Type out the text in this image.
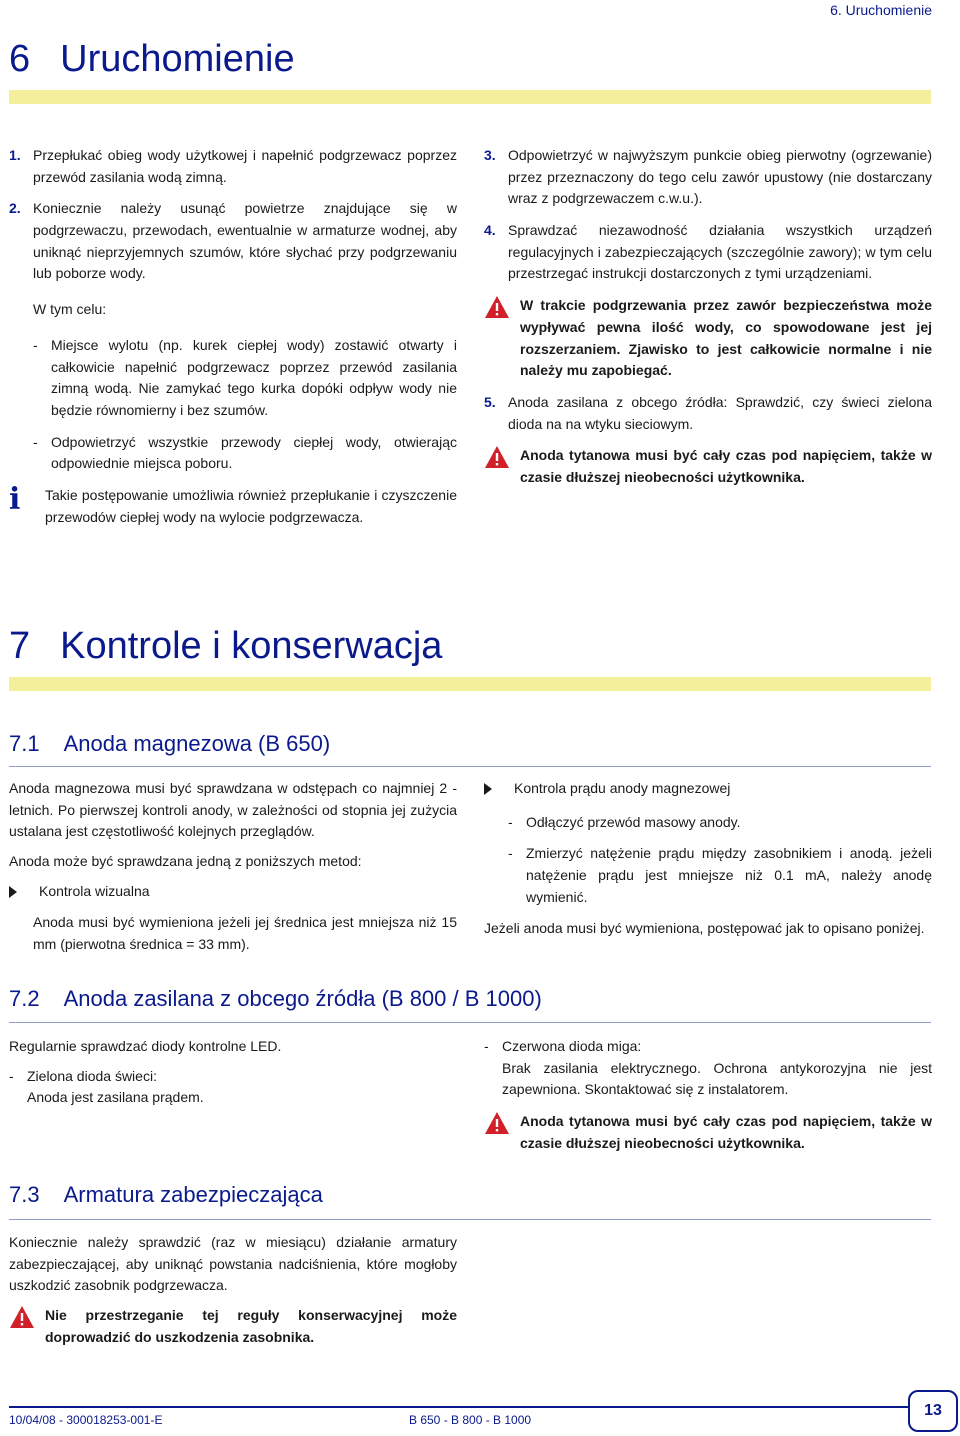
6. Uruchomienie
6 Uruchomienie
1. Przepłukać obieg wody użytkowej i napełnić podgrzewacz poprzez przewód zasilania wodą zimną.
2. Koniecznie należy usunąć powietrze znajdujące się w podgrzewaczu, przewodach, ewentualnie w armaturze wodnej, aby uniknąć nieprzyjemnych szumów, które słychać przy podgrzewaniu lub poborze wody.

W tym celu:

- Miejsce wylotu (np. kurek ciepłej wody) zostawić otwarty i całkowicie napełnić podgrzewacz poprzez przewód zasilania zimną wodą. Nie zamykać tego kurka dopóki odpływ wody nie będzie równomierny i bez szumów.
- Odpowietrzyć wszystkie przewody ciepłej wody, otwierając odpowiednie miejsca poboru.
i	Takie postępowanie umożliwia również przepłukanie i czyszczenie przewodów ciepłej wody na wylocie podgrzewacza.
3. Odpowietrzyć w najwyższym punkcie obieg pierwotny (ogrzewanie) przez przeznaczony do tego celu zawór upustowy (nie dostarczany wraz z podgrzewaczem c.w.u.).
4. Sprawdzać niezawodność działania wszystkich urządzeń regulacyjnych i zabezpieczających (szczególnie zawory); w tym celu przestrzegać instrukcji dostarczonych z tymi urządzeniami.
W trakcie podgrzewania przez zawór bezpieczeństwa może wypływać pewna ilość wody, co spowodowane jest jej rozszerzaniem. Zjawisko to jest całkowicie normalne i nie należy mu zapobiegać.
5. Anoda zasilana z obcego źródła: Sprawdzić, czy świeci zielona dioda na na wtyku sieciowym.
Anoda tytanowa musi być cały czas pod napięciem, także w czasie dłuższej nieobecności użytkownika.
7 Kontrole i konserwacja
7.1 Anoda magnezowa (B 650)

Anoda magnezowa musi być sprawdzana w odstępach co najmniej 2 - letnich. Po pierwszej kontroli anody, w zależności od stopnia jej zużycia ustalana jest częstotliwość kolejnych przeglądów.

Anoda może być sprawdzana jedną z poniższych metod:

Kontrola wizualna

Anoda musi być wymieniona jeżeli jej średnica jest mniejsza niż 15 mm (pierwotna średnica = 33 mm).

Kontrola prądu anody magnezowej
- Odłączyć przewód masowy anody.
- Zmierzyć natężenie prądu między zasobnikiem i anodą. jeżeli natężenie prądu jest mniejsze niż 0.1 mA, należy anodę wymienić.

Jeżeli anoda musi być wymieniona, postępować jak to opisano poniżej.

7.2 Anoda zasilana z obcego źródła (B 800 / B 1000)

Regularnie sprawdzać diody kontrolne LED.

- Zielona dioda świeci:
Anoda jest zasilana prądem.
- Czerwona dioda miga:
Brak zasilania elektrycznego. Ochrona antykorozyjna nie jest zapewniona. Skontaktować się z instalatorem.
Anoda tytanowa musi być cały czas pod napięciem, także w czasie dłuższej nieobecności użytkownika.
7.3 Armatura zabezpieczająca

Koniecznie należy sprawdzić (raz w miesiącu) działanie armatury zabezpieczającej, aby uniknąć powstania nadciśnienia, które mogłoby uszkodzić zasobnik podgrzewacza.

Nie przestrzeganie tej reguły konserwacyjnej może doprowadzić do uszkodzenia zasobnika.
10/04/08 - 300018253-001-E	B 650 - B 800 - B 1000
13
